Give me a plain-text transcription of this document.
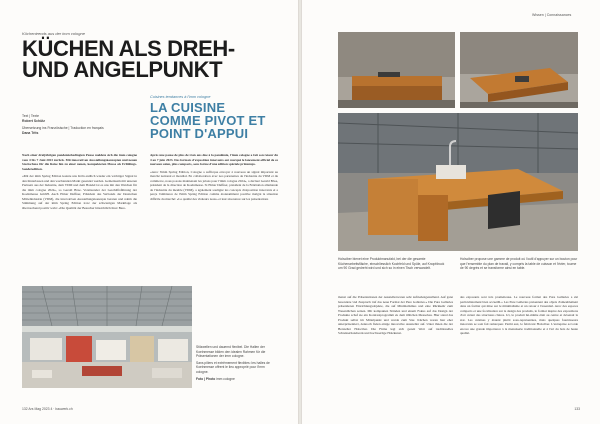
Küchentrends aus der imm cologne
KÜCHEN ALS DREH-
UND ANGELPUNKT
Text | Texte
Robert Schütz
Übersetzung ins Französische | Traduction en français
Dana Trits
Cuisines tendances à l'imm cologne
LA CUISINE
COMME PIVOT ET
POINT D'APPUI

Nach einer dreijährigen pandemiebedingten Pause meldete sich die imm cologne vom 4 bis 7 Juni 2023 zurück. Mit innovativen Ausstellungskonzepten und neuen Startschuss für die Reise hin zu einer neuen, kompakteren Messe als Frühlings-Sonderedition.

«Mit der imm Spring Edition konnte uns Köln endlich wieder ein wichtiger Signal in den hinterlassen und den wuchtenden Markt gesendet werden. Gemeinsam mit unseren Partnern aus der Industrie, dem VDM und dem Handel ist es uns mit den Weichen für die imm cologne 2024», so Gerald Böse. Vorsitzender der Geschäftsführung der Koelnmesse GmbH. Auch Elmar Duffner, Präsident des Verbands der Deutschen Möbelindustrie (VDM), die innovativen Ausstellungskonzepte beraten und nahm die Stimmung auf der imm Spring Edition trotz der schwierigen Marktlage als überraschend positiv wahr: «Die Qualität der Besucher hinsichtlich ihrer Bere-

Après une pause de plus de trois ans due à la pandémie, l'imm cologne a fait son retour du 4 au 7 juin 2023. Des formats d'exposition innovants ont marqué le lancement officiel de ce nouveau salon, plus compacts, sous forme d'une édition spéciale printemps.

«Avec l'imm Spring Edition, Cologne a sufficque envoyer à nouveau un signal important au marché national et mondial. En collaboration avec nos partenaires de l'industrie du VDM et du commerce, nous posons maintenant les jalons pour l'imm cologne 2024», a déclaré Gerald Böse, président de la direction de Koelnmesse. Si Elmar Duffner, président de la Fédération allemande de l'industrie du meuble (VDM), a également souligné les concepts d'exposition innovants et a perçu l'ambiance de l'imm Spring Edition comme étonnamment positive malgré la situation difficile du marché: «La qualité des visiteurs nous» et leur résonance sur les présentations

Stilzwellen und dauernd flexibel. Die Hallen der Koelnmesse bilden den idealen Rahmen für die Präsentationen der imm cologne.

Sans piliers et extrêmement flexibles: les halles de Koelnmesse offrent le lieu approprié pour l'imm cologne.

Foto | Photo imm cologne

132 Ars Mag 2023 4 · bauwerk.ch
Wissen | Connaissances
Holsciber bienet eine Produktmanufakt, bei der die gesamte Küchenarbeitsfläche, einschliesslich Kochfeld und Spüle, auf Knopfdruck um 90 Grad gedreht wird und sich so in einen Tisch verwandelt.
Holsciber propose une gamme de produit où l'outil d'appuyer sur un bouton pour que l'ensemble du plan de travail, y compris la table de cuisson et l'évier, tourne de 90 degrés et se transforme ainsi en table.

maxat auf die Präsentationen der Ausstellerwaren sehr zufriedengestellend. Auf ganz besondere viel Zuspruch traf das neue Format der Pure Galleries.» Die Pure Galleries präsentieren Einrichtungsobjekte, die auf Minimalismus und eine Rückkehr zum Wesentlichen setzen. Mit kompakten Ständen und einem Fokus auf das Design der Produkte schaf sie ein Kontrastprogramm zu dem üblichen Messebau. Hier stand das Produkt selbst im Mittelpunkt und wurde zum Star. Küchen waren hier eher unterpräsentiert, dennoch fielen einige innovative Aussteller auf. Unter ihnen die der Hersteller Holsciber. Die Firma legt sich gezeit Wert auf traditionelles Schreinerhandwerk und hochwertige Holzkunst.

des exposants sont très prometteuse. Le nouveau format des Pure Galleries a été particulièrement bien accueilli.» Les Pure Galleries présentent des objets d'ameublement dans un format qui mise sur le minimalisme et un retour à l'essentiel. Avec des espaces compacts et une focalisation sur le design des produits, le format inspire des expositions d'art créant des structures claires. Ici, le produit lui-même était au centre et devenait la star. Les cuisines y étaient plutôt sous-représentées, mais quelques fournisseurs innovants se sont fait remarquer. Parmi eux, le fabricant Holsciber. L'entreprise accorde encore une grande importance à la menuiserie traditionnelle et à l'art du bois de haute qualité.

133
